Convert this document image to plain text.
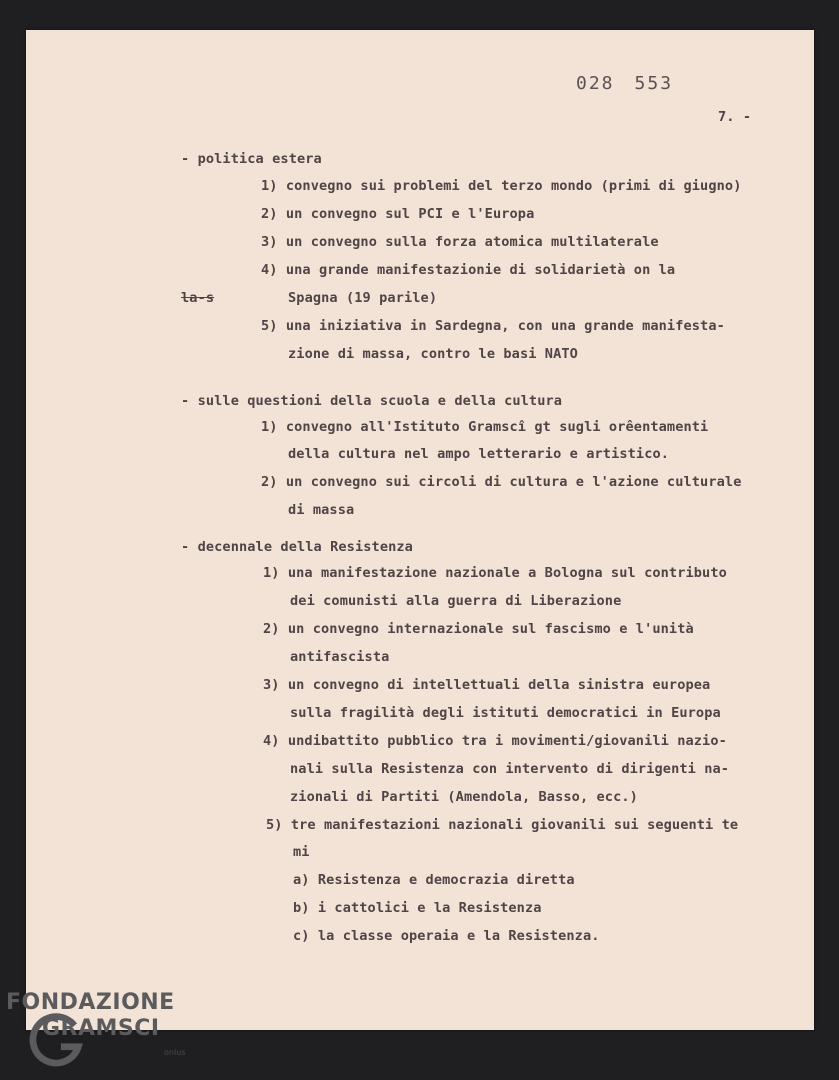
028 553
7. -
- politica estera
1) convegno sui problemi del terzo mondo (primi di giugno)
2) un convegno sul PCI e l'Europa
3) un convegno sulla forza atomica multilaterale
4) una grande manifestazionie di solidarietà on la
la-s	Spagna (19 parile)
5) una iniziativa in Sardegna, con una grande manifesta-
zione di massa, contro le basi NATO
- sulle questioni della scuola e della cultura
1) convegno all'Istituto Gramscî gt sugli orêentamenti
della cultura nel ampo letterario e artistico.
2) un convegno sui circoli di cultura e l'azione culturale
di massa
- decennale della Resistenza
1) una manifestazione nazionale a Bologna sul contributo
dei comunisti alla guerra di Liberazione
2) un convegno internazionale sul fascismo e l'unità
antifascista
3) un convegno di intellettuali della sinistra europea
sulla fragilità degli istituti democratici in Europa
4) undibattito pubblico tra i movimenti/giovanili nazio-
nali sulla Resistenza con intervento di dirigenti na-
zionali di Partiti (Amendola, Basso, ecc.)
5) tre manifestazioni nazionali giovanili sui seguenti te
mi
a) Resistenza e democrazia diretta
b) i cattolici e la Resistenza
c) la classe operaia e la Resistenza.
FONDAZIONE
GRAMSCI
onlus
